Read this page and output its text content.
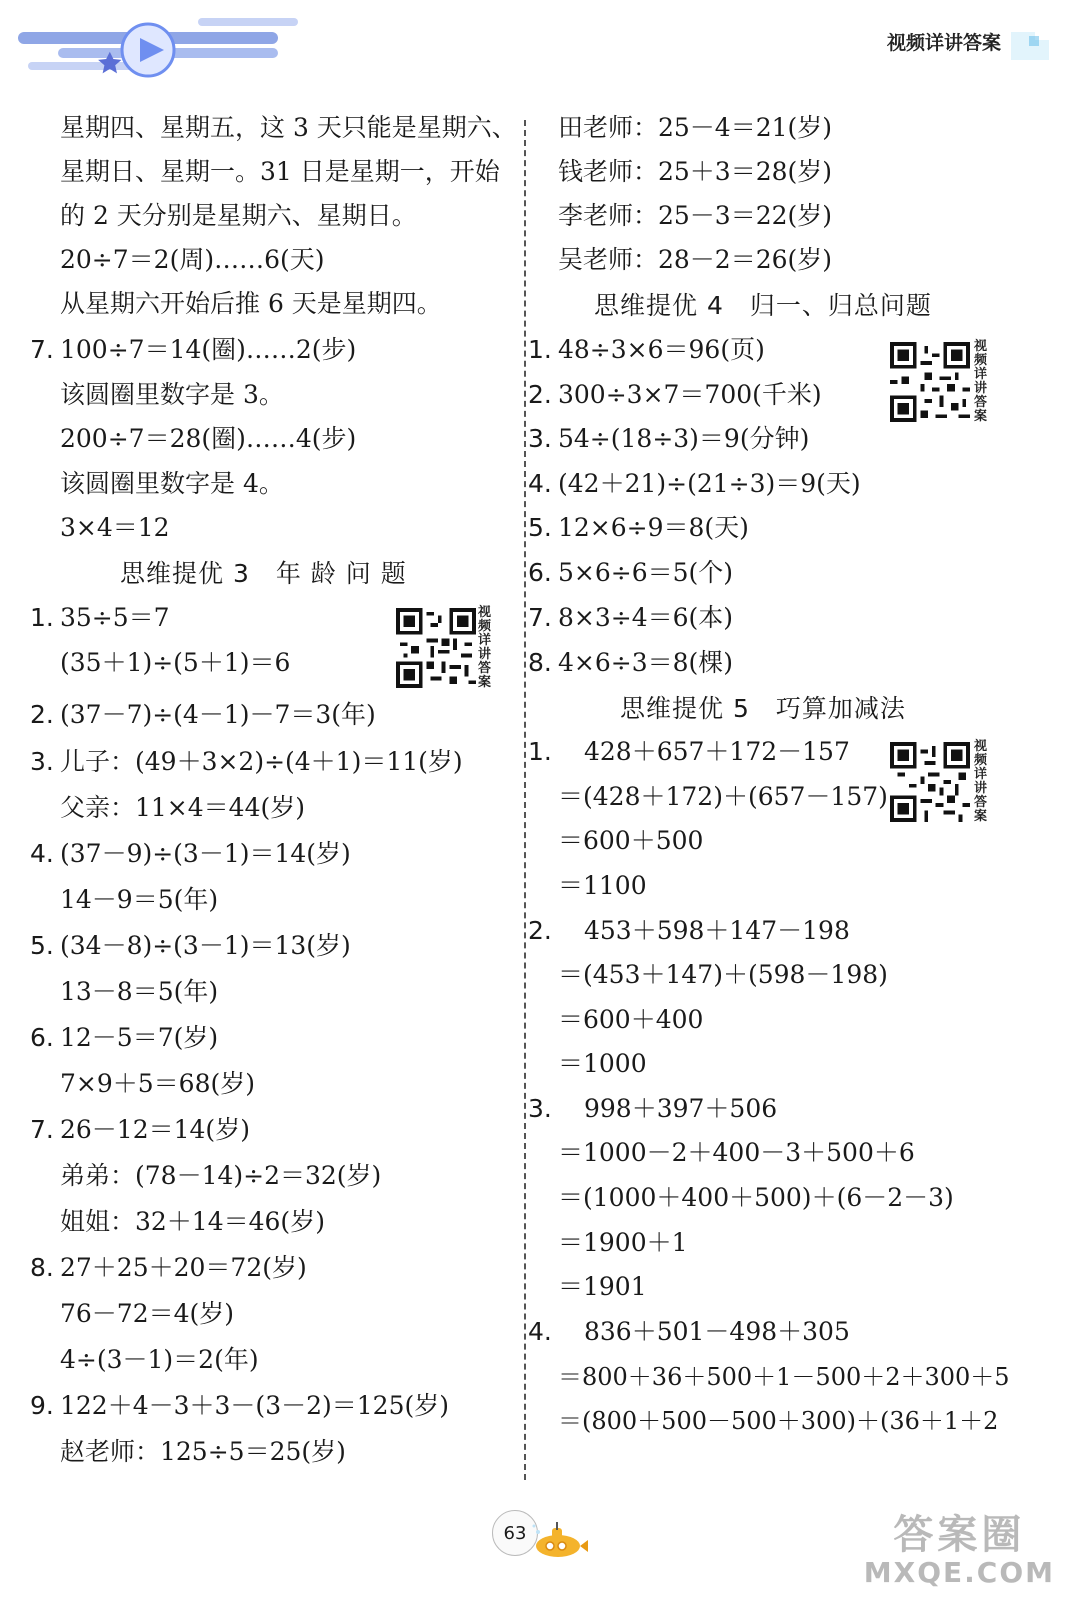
视频详讲答案
星期四、星期五，这 3 天只能是星期六、
星期日、星期一。31 日是星期一，开始
的 2 天分别是星期六、星期日。
20÷7＝2(周)……6(天)
从星期六开始后推 6 天是星期四。
7. 100÷7＝14(圈)……2(步)
该圆圈里数字是 3。
200÷7＝28(圈)……4(步)
该圆圈里数字是 4。
3×4＝12
思维提优 3　年 龄 问 题
1. 35÷5＝7
(35＋1)÷(5＋1)＝6
2. (37－7)÷(4－1)－7＝3(年)
3. 儿子：(49＋3×2)÷(4＋1)＝11(岁)
父亲：11×4＝44(岁)
4. (37－9)÷(3－1)＝14(岁)
14－9＝5(年)
5. (34－8)÷(3－1)＝13(岁)
13－8＝5(年)
6. 12－5＝7(岁)
7×9＋5＝68(岁)
7. 26－12＝14(岁)
弟弟：(78－14)÷2＝32(岁)
姐姐：32＋14＝46(岁)
8. 27＋25＋20＝72(岁)
76－72＝4(岁)
4÷(3－1)＝2(年)
9. 122＋4－3＋3－(3－2)＝125(岁)
赵老师：125÷5＝25(岁)
视频详讲答案
田老师：25－4＝21(岁)
钱老师：25＋3＝28(岁)
李老师：25－3＝22(岁)
吴老师：28－2＝26(岁)
思维提优 4　归一、归总问题
1. 48÷3×6＝96(页)
2. 300÷3×7＝700(千米)
3. 54÷(18÷3)＝9(分钟)
4. (42＋21)÷(21÷3)＝9(天)
5. 12×6÷9＝8(天)
6. 5×6÷6＝5(个)
7. 8×3÷4＝6(本)
8. 4×6÷3＝8(棵)
思维提优 5　巧算加减法
1. 428＋657＋172－157
＝(428＋172)＋(657－157)
＝600＋500
＝1100
2. 453＋598＋147－198
＝(453＋147)＋(598－198)
＝600＋400
＝1000
3. 998＋397＋506
＝1000－2＋400－3＋500＋6
＝(1000＋400＋500)＋(6－2－3)
＝1900＋1
＝1901
4. 836＋501－498＋305
＝800＋36＋500＋1－500＋2＋300＋5
＝(800＋500－500＋300)＋(36＋1＋2
视频详讲答案
视频详讲答案
63	答案圈
MXQE.COM
